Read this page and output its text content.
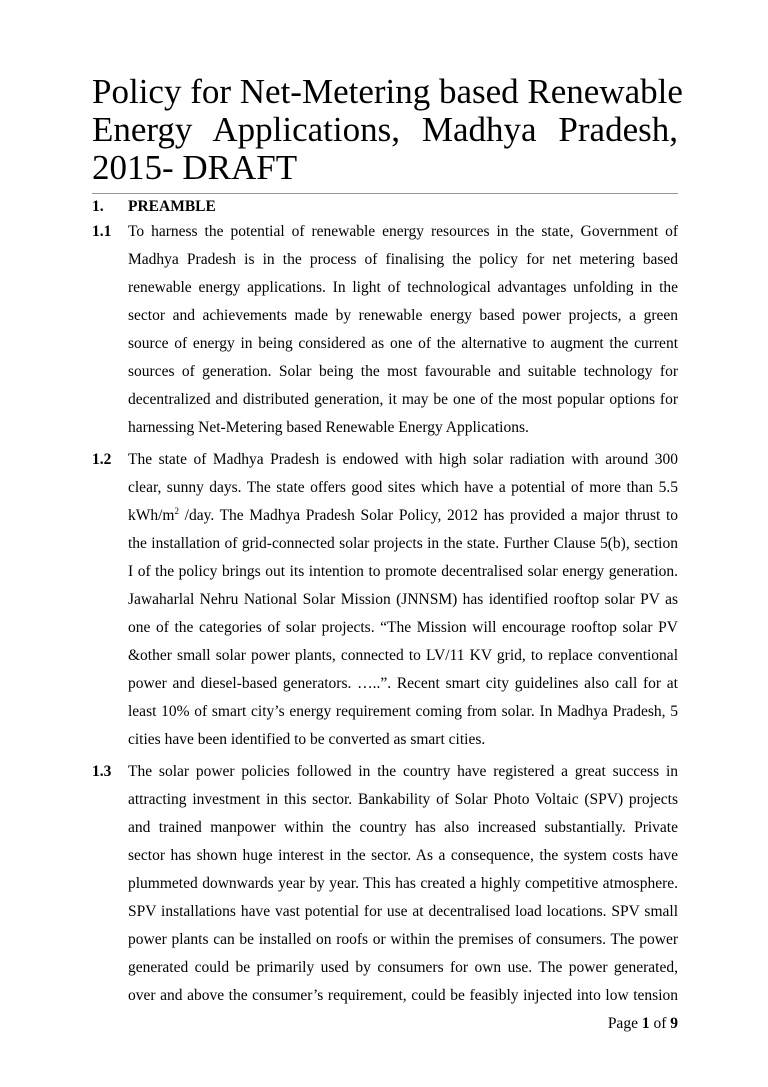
Policy for Net-Metering based Renewable
Energy Applications, Madhya Pradesh,
2015- DRAFT
1. PREAMBLE
1.1 To harness the potential of renewable energy resources in the state, Government of
Madhya Pradesh is in the process of finalising the policy for net metering based
renewable energy applications. In light of technological advantages unfolding in the
sector and achievements made by renewable energy based power projects, a green
source of energy in being considered as one of the alternative to augment the current
sources of generation. Solar being the most favourable and suitable technology for
decentralized and distributed generation, it may be one of the most popular options for
harnessing Net-Metering based Renewable Energy Applications.
1.2 The state of Madhya Pradesh is endowed with high solar radiation with around 300
clear, sunny days. The state offers good sites which have a potential of more than 5.5
kWh/$m^2$ /day. The Madhya Pradesh Solar Policy, 2012 has provided a major thrust to
the installation of grid-connected solar projects in the state. Further Clause 5(b), section
I of the policy brings out its intention to promote decentralised solar energy generation.
Jawaharlal Nehru National Solar Mission (JNNSM) has identified rooftop solar PV as
one of the categories of solar projects. “The Mission will encourage rooftop solar PV
&other small solar power plants, connected to LV/11 KV grid, to replace conventional
power and diesel-based generators. …..”. Recent smart city guidelines also call for at
least 10% of smart city’s energy requirement coming from solar. In Madhya Pradesh, 5
cities have been identified to be converted as smart cities.
1.3 The solar power policies followed in the country have registered a great success in
attracting investment in this sector. Bankability of Solar Photo Voltaic (SPV) projects
and trained manpower within the country has also increased substantially. Private
sector has shown huge interest in the sector. As a consequence, the system costs have
plummeted downwards year by year. This has created a highly competitive atmosphere.
SPV installations have vast potential for use at decentralised load locations. SPV small
power plants can be installed on roofs or within the premises of consumers. The power
generated could be primarily used by consumers for own use. The power generated,
over and above the consumer’s requirement, could be feasibly injected into low tension
Page 1 of 9
